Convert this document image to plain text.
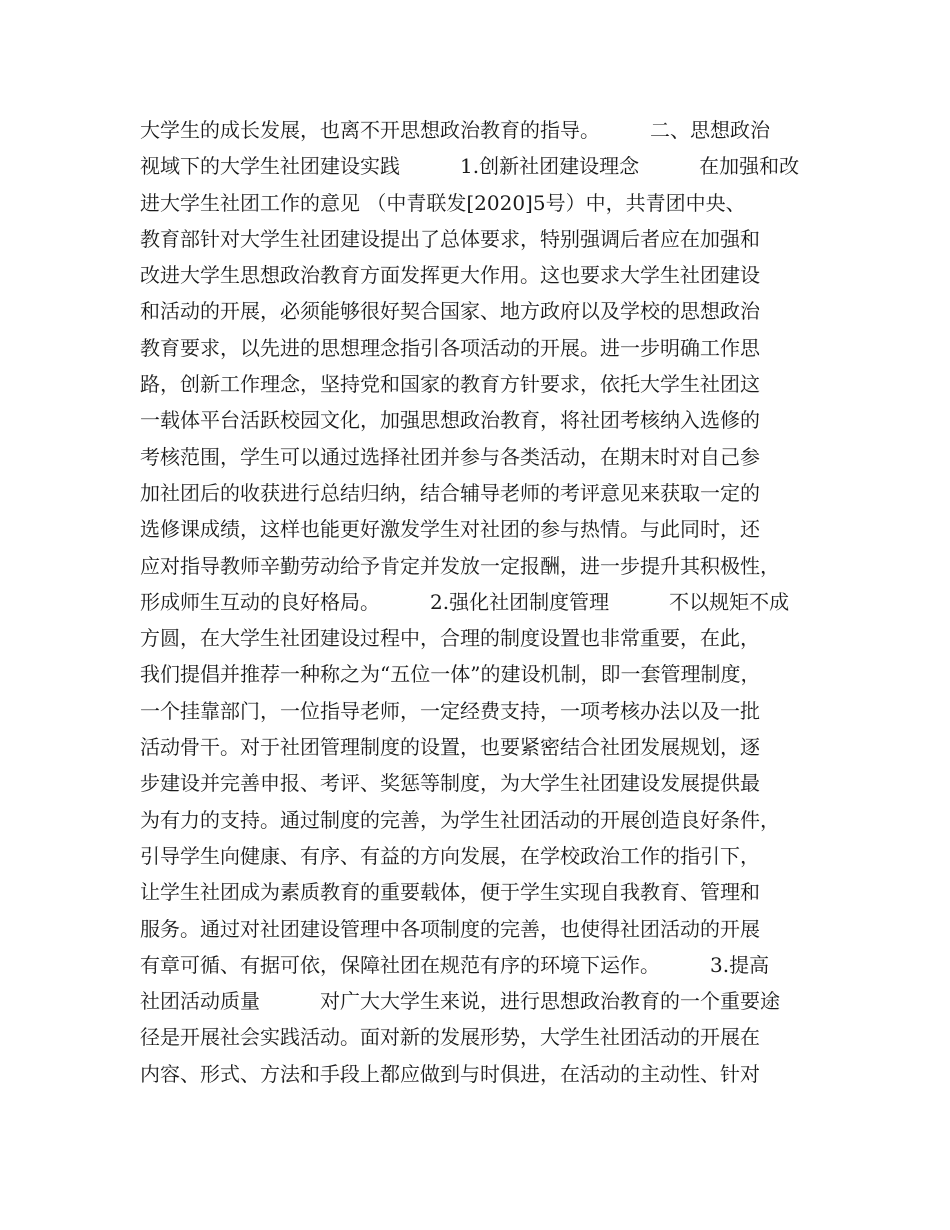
大学生的成长发展，也离不开思想政治教育的指导。　　　二、思想政治
视域下的大学生社团建设实践　　　1.创新社团建设理念　　　在加强和改
进大学生社团工作的意见 （中青联发[2020]5号）中，共青团中央、
教育部针对大学生社团建设提出了总体要求，特别强调后者应在加强和
改进大学生思想政治教育方面发挥更大作用。这也要求大学生社团建设
和活动的开展，必须能够很好契合国家、地方政府以及学校的思想政治
教育要求，以先进的思想理念指引各项活动的开展。进一步明确工作思
路，创新工作理念，坚持党和国家的教育方针要求，依托大学生社团这
一载体平台活跃校园文化，加强思想政治教育，将社团考核纳入选修的
考核范围，学生可以通过选择社团并参与各类活动，在期末时对自己参
加社团后的收获进行总结归纳，结合辅导老师的考评意见来获取一定的
选修课成绩，这样也能更好激发学生对社团的参与热情。与此同时，还
应对指导教师辛勤劳动给予肯定并发放一定报酬，进一步提升其积极性，
形成师生互动的良好格局。　　　2.强化社团制度管理　　　不以规矩不成
方圆，在大学生社团建设过程中，合理的制度设置也非常重要，在此，
我们提倡并推荐一种称之为“五位一体”的建设机制，即一套管理制度，
一个挂靠部门，一位指导老师，一定经费支持，一项考核办法以及一批
活动骨干。对于社团管理制度的设置，也要紧密结合社团发展规划，逐
步建设并完善申报、考评、奖惩等制度，为大学生社团建设发展提供最
为有力的支持。通过制度的完善，为学生社团活动的开展创造良好条件，
引导学生向健康、有序、有益的方向发展，在学校政治工作的指引下，
让学生社团成为素质教育的重要载体，便于学生实现自我教育、管理和
服务。通过对社团建设管理中各项制度的完善，也使得社团活动的开展
有章可循、有据可依，保障社团在规范有序的环境下运作。　　　3.提高
社团活动质量　　　对广大大学生来说，进行思想政治教育的一个重要途
径是开展社会实践活动。面对新的发展形势，大学生社团活动的开展在
内容、形式、方法和手段上都应做到与时俱进，在活动的主动性、针对
